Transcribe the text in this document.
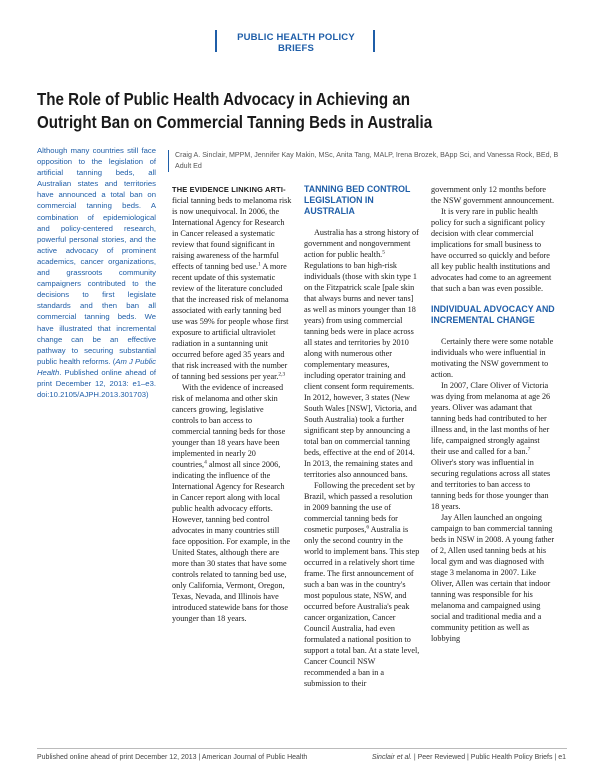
PUBLIC HEALTH POLICY BRIEFS
The Role of Public Health Advocacy in Achieving an
Outright Ban on Commercial Tanning Beds in Australia
Craig A. Sinclair, MPPM, Jennifer Kay Makin, MSc, Anita Tang, MALP, Irena Brozek, BApp Sci, and Vanessa Rock, BEd, B Adult Ed
Although many countries still face opposition to the legislation of artificial tanning beds, all Australian states and territories have announced a total ban on commercial tanning beds. A combination of epidemiological and policy-centered research, powerful personal stories, and the active advocacy of prominent academics, cancer organizations, and grassroots community campaigners contributed to the decisions to first legislate standards and then ban all commercial tanning beds. We have illustrated that incremental change can be an effective pathway to securing substantial public health reforms. (Am J Public Health. Published online ahead of print December 12, 2013: e1–e3. doi:10.2105/AJPH.2013.301703)

THE EVIDENCE LINKING ARTI- ficial tanning beds to melanoma risk is now unequivocal. In 2006, the International Agency for Research in Cancer released a systematic review that found significant in raising awareness of the harmful effects of tanning bed use.$^1$ A more recent update of this systematic review of the literature concluded that the increased risk of melanoma associated with early tanning bed use was 59% for people whose first exposure to artificial ultraviolet radiation in a suntanning unit occurred before aged 35 years and that risk increased with the number of tanning bed sessions per year.$^{2,3}$

With the evidence of increased risk of melanoma and other skin cancers growing, legislative controls to ban access to commercial tanning beds for those younger than 18 years have been implemented in nearly 20 countries,$^4$ almost all since 2006, indicating the influence of the International Agency for Research in Cancer report along with local public health advocacy efforts. However, tanning bed control advocates in many countries still face opposition. For example, in the United States, although there are more than 30 states that have some controls related to tanning bed use, only California, Vermont, Oregon, Texas, Nevada, and Illinois have introduced statewide bans for those younger than 18 years.

TANNING BED CONTROL LEGISLATION IN AUSTRALIA

Australia has a strong history of government and nongovernment action for public health.$^5$ Regulations to ban high-risk individuals (those with skin type 1 on the Fitzpatrick scale [pale skin that always burns and never tans] as well as minors younger than 18 years) from using commercial tanning beds were in place across all states and territories by 2010 along with numerous other complementary measures, including operator training and client consent form requirements. In 2012, however, 3 states (New South Wales [NSW], Victoria, and South Australia) took a further significant step by announcing a total ban on commercial tanning beds, effective at the end of 2014. In 2013, the remaining states and territories also announced bans.

Following the precedent set by Brazil, which passed a resolution in 2009 banning the use of commercial tanning beds for cosmetic purposes,$^6$ Australia is only the second country in the world to implement bans. This step occurred in a relatively short time frame. The first announcement of such a ban was in the country's most populous state, NSW, and occurred before Australia's peak cancer organization, Cancer Council Australia, had even formulated a national position to support a total ban. At a state level, Cancer Council NSW recommended a ban in a submission to their

government only 12 months before the NSW government announcement.

It is very rare in public health policy for such a significant policy decision with clear commercial implications for small business to have occurred so quickly and before all key public health institutions and advocates had come to an agreement that such a ban was even possible.

INDIVIDUAL ADVOCACY AND INCREMENTAL CHANGE

Certainly there were some notable individuals who were influential in motivating the NSW government to action.

In 2007, Clare Oliver of Victoria was dying from melanoma at age 26 years. Oliver was adamant that tanning beds had contributed to her illness and, in the last months of her life, campaigned strongly against their use and called for a ban.$^7$ Oliver's story was influential in securing regulations across all states and territories to ban access to tanning beds for those younger than 18 years.

Jay Allen launched an ongoing campaign to ban commercial tanning beds in NSW in 2008. A young father of 2, Allen used tanning beds at his local gym and was diagnosed with stage 3 melanoma in 2007. Like Oliver, Allen was certain that indoor tanning was responsible for his melanoma and campaigned using social and traditional media and a community petition as well as lobbying

Published online ahead of print December 12, 2013 | American Journal of Public Health	Sinclair et al. | Peer Reviewed | Public Health Policy Briefs | e1
